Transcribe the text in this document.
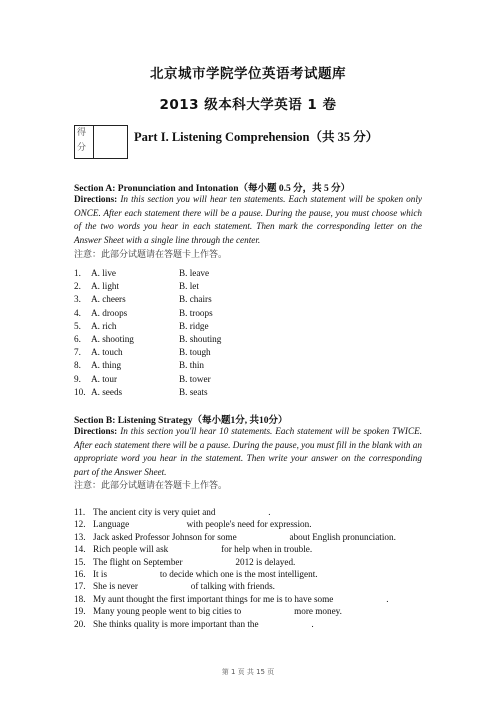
北京城市学院学位英语考试题库
2013 级本科大学英语 1 卷
得分
Part I. Listening Comprehension（共 35 分）
Section A: Pronunciation and Intonation（每小题 0.5 分，共 5 分）
Directions: In this section you will hear ten statements. Each statement will be spoken only ONCE. After each statement there will be a pause. During the pause, you must choose which of the two words you hear in each statement. Then mark the corresponding letter on the Answer Sheet with a single line through the center.
注意：此部分试题请在答题卡上作答。
1. A. live	B. leave
2. A. light	B. let
3. A. cheers	B. chairs
4. A. droops	B. troops
5. A. rich	B. ridge
6. A. shooting	B. shouting
7. A. touch	B. tough
8. A. thing	B. thin
9. A. tour	B. tower
10. A. seeds	B. seats
Section B: Listening Strategy（每小题1分, 共10分）
Directions: In this section you'll hear 10 statements. Each statement will be spoken TWICE. After each statement there will be a pause. During the pause, you must fill in the blank with an appropriate word you hear in the statement. Then write your answer on the corresponding part of the Answer Sheet.
注意：此部分试题请在答题卡上作答。
11. The ancient city is very quiet and                       .
12. Language                         with people's need for expression.
13. Jack asked Professor Johnson for some                       about English pronunciation.
14. Rich people will ask                       for help when in trouble.
15. The flight on September                       2012 is delayed.
16. It is                       to decide which one is the most intelligent.
17. She is never                       of talking with friends.
18. My aunt thought the first important things for me is to have some                       .
19. Many young people went to big cities to                       more money.
20. She thinks quality is more important than the                       .
第 1 页 共 15 页
